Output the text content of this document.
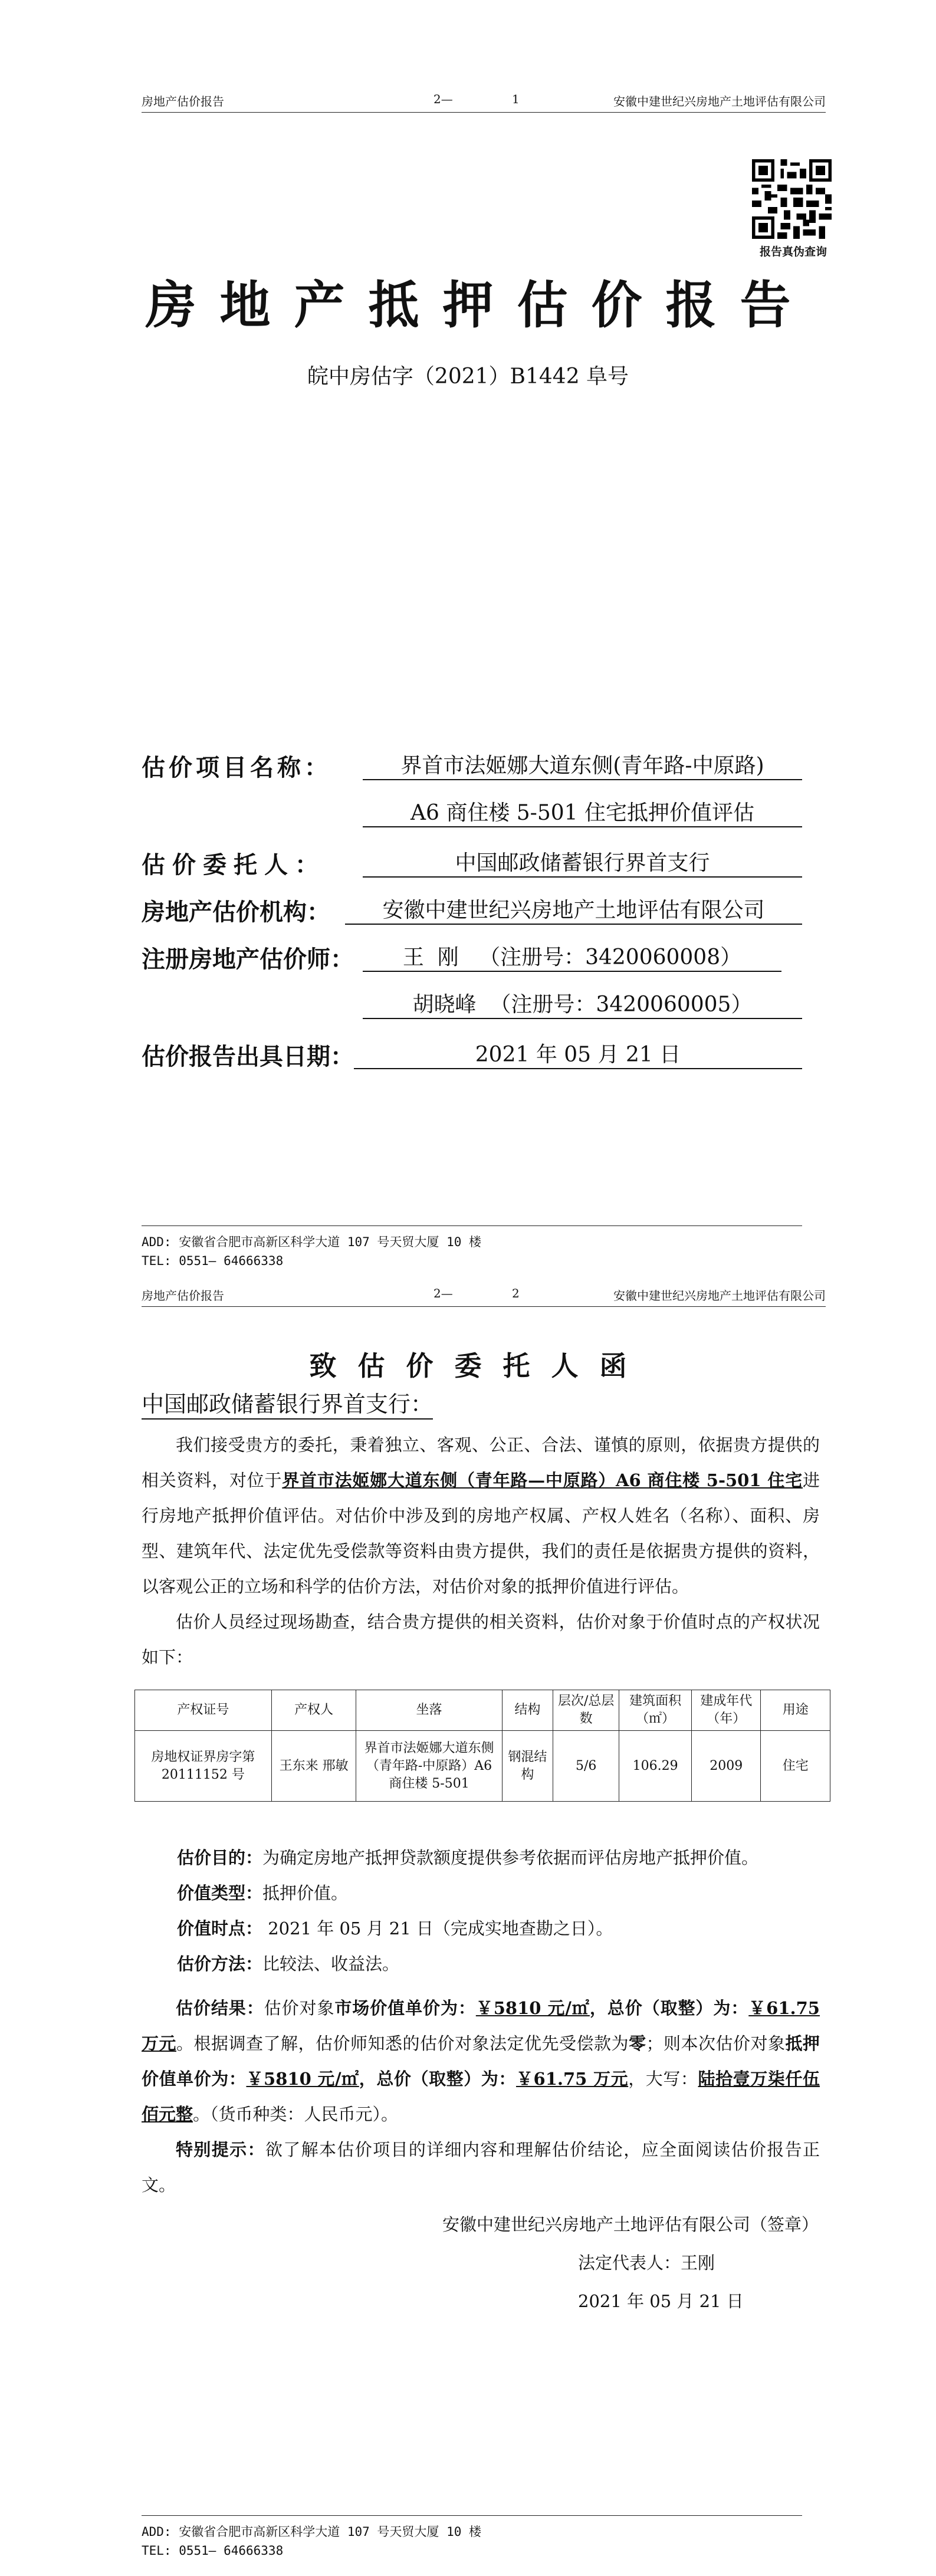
房地产估价报告	2—	1	安徽中建世纪兴房地产土地评估有限公司
报告真伪查询
房地产抵押估价报告
皖中房估字（2021）B1442 阜号
估价项目名称：	界首市法姬娜大道东侧(青年路-中原路)
A6 商住楼 5-501 住宅抵押价值评估
估价委托人：	中国邮政储蓄银行界首支行
房地产估价机构：	安徽中建世纪兴房地产土地评估有限公司
注册房地产估价师：	王  刚   （注册号：3420060008）
胡晓峰  （注册号：3420060005）
估价报告出具日期：	2021 年 05 月 21 日
ADD: 安徽省合肥市高新区科学大道 107 号天贸大厦 10 楼
TEL: 0551— 64666338
房地产估价报告	2—	2	安徽中建世纪兴房地产土地评估有限公司
致估价委托人函
中国邮政储蓄银行界首支行：

我们接受贵方的委托，秉着独立、客观、公正、合法、谨慎的原则，依据贵方提供的相关资料，对位于界首市法姬娜大道东侧（青年路—中原路）A6 商住楼 5-501 住宅进行房地产抵押价值评估。对估价中涉及到的房地产权属、产权人姓名（名称）、面积、房型、建筑年代、法定优先受偿款等资料由贵方提供，我们的责任是依据贵方提供的资料，以客观公正的立场和科学的估价方法，对估价对象的抵押价值进行评估。

估价人员经过现场勘查，结合贵方提供的相关资料，估价对象于价值时点的产权状况如下：

产权证号	产权人	坐落	结构	层次/总层数	建筑面积（㎡）	建成年代（年）	用途
房地权证界房字第 20111152 号	王东来 邢敏	界首市法姬娜大道东侧（青年路-中原路）A6 商住楼 5-501	钢混结构	5/6	106.29	2009	住宅

估价目的：为确定房地产抵押贷款额度提供参考依据而评估房地产抵押价值。

价值类型：抵押价值。

价值时点： 2021 年 05 月 21 日（完成实地查勘之日）。

估价方法：比较法、收益法。

估价结果：估价对象市场价值单价为：￥5810 元/㎡，总价（取整）为：￥61.75 万元。根据调查了解，估价师知悉的估价对象法定优先受偿款为零；则本次估价对象抵押价值单价为：￥5810 元/㎡，总价（取整）为：￥61.75 万元，大写：陆拾壹万柒仟伍佰元整。（货币种类：人民币元）。

特别提示：欲了解本估价项目的详细内容和理解估价结论，应全面阅读估价报告正文。

安徽中建世纪兴房地产土地评估有限公司（签章）
法定代表人：王刚
2021 年 05 月 21 日
ADD: 安徽省合肥市高新区科学大道 107 号天贸大厦 10 楼
TEL: 0551— 64666338
